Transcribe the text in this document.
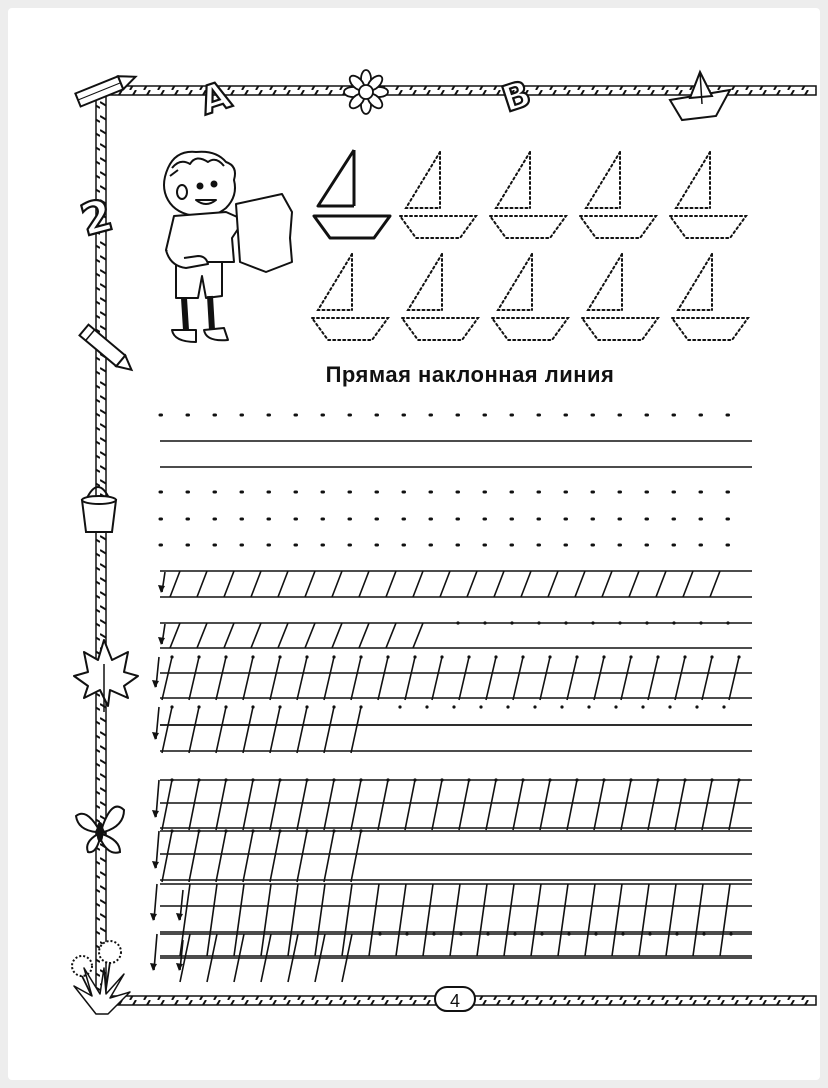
А	В
2
Прямая наклонная линия
4
